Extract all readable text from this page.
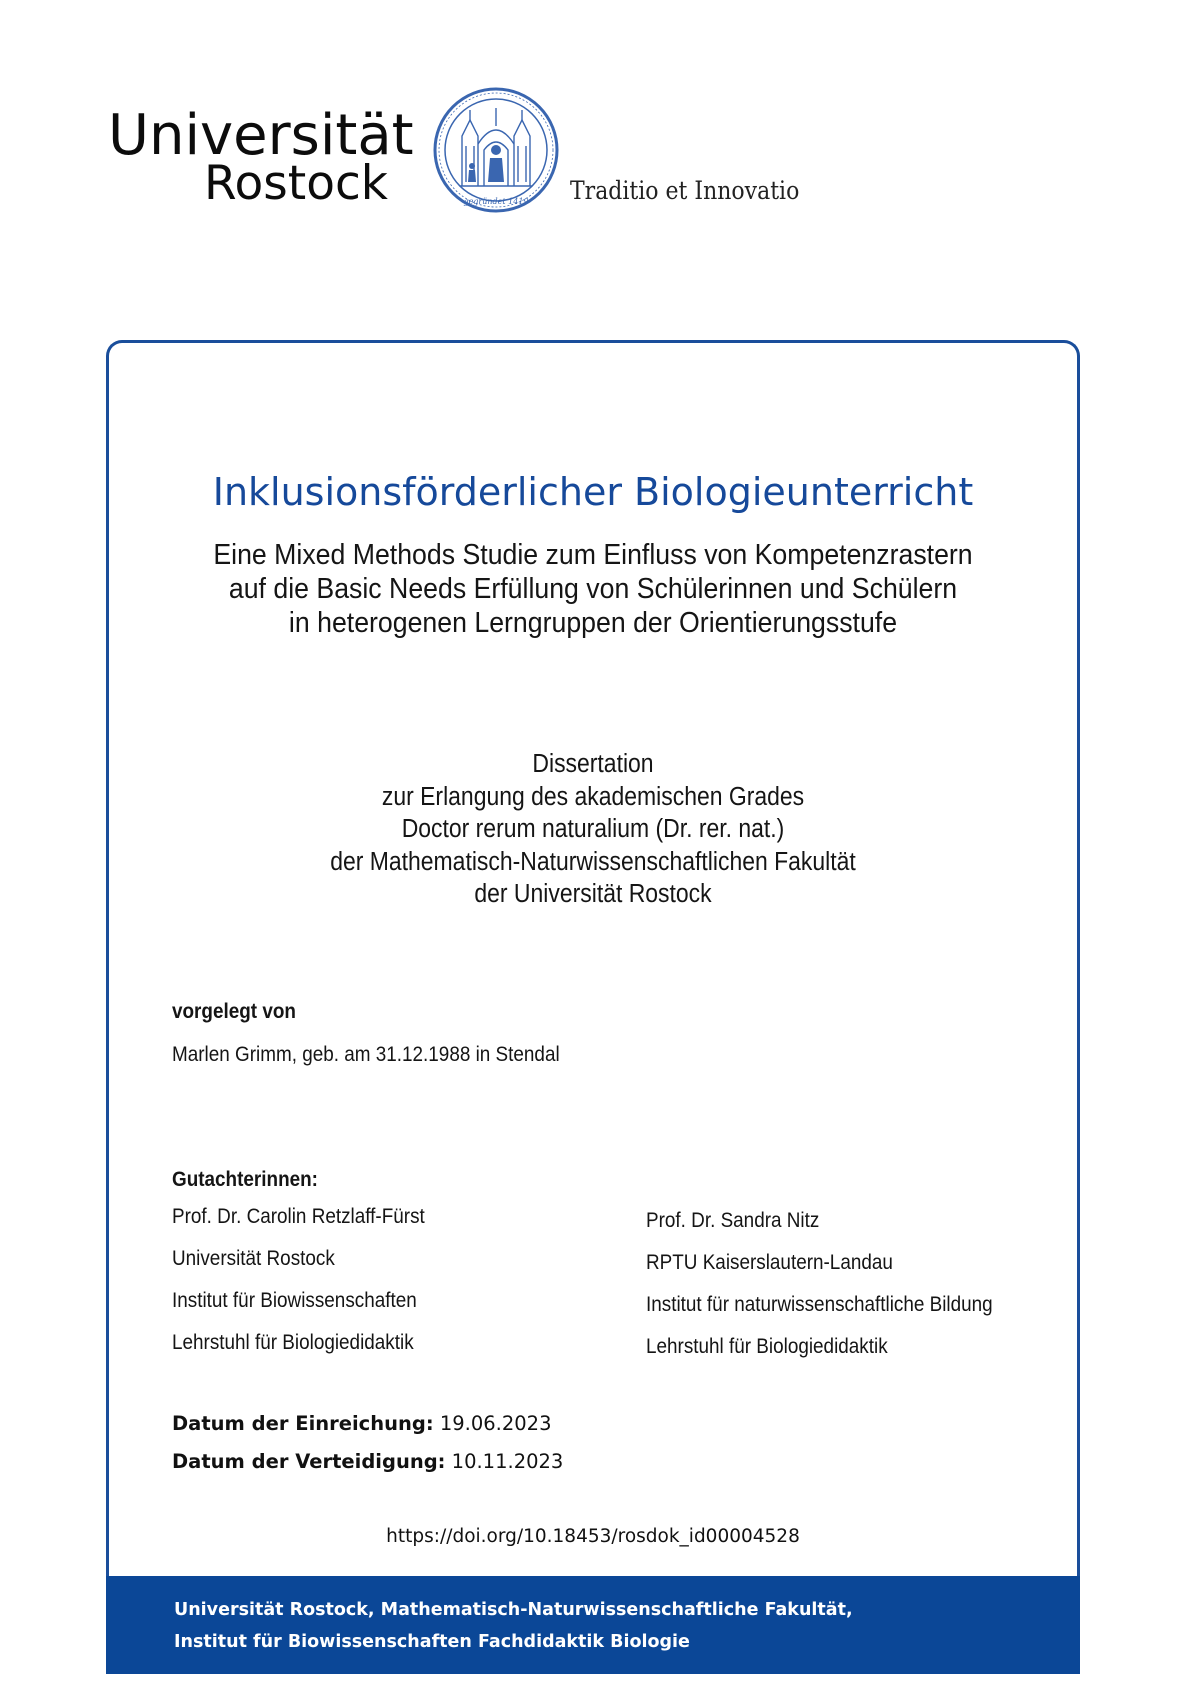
Universität
Rostock	gegründet 1419 Traditio et Innovatio
Inklusionsförderlicher Biologieunterricht
Eine Mixed Methods Studie zum Einfluss von Kompetenzrastern
auf die Basic Needs Erfüllung von Schülerinnen und Schülern
in heterogenen Lerngruppen der Orientierungsstufe
Dissertation
zur Erlangung des akademischen Grades
Doctor rerum naturalium (Dr. rer. nat.)
der Mathematisch-Naturwissenschaftlichen Fakultät
der Universität Rostock
vorgelegt von
Marlen Grimm, geb. am 31.12.1988 in Stendal
Gutachterinnen:
Prof. Dr. Carolin Retzlaff-Fürst
Universität Rostock
Institut für Biowissenschaften
Lehrstuhl für Biologiedidaktik
Prof. Dr. Sandra Nitz
RPTU Kaiserslautern-Landau
Institut für naturwissenschaftliche Bildung
Lehrstuhl für Biologiedidaktik
Datum der Einreichung: 19.06.2023
Datum der Verteidigung: 10.11.2023
https://doi.org/10.18453/rosdok_id00004528
Universität Rostock, Mathematisch-Naturwissenschaftliche Fakultät,
Institut für Biowissenschaften Fachdidaktik Biologie
